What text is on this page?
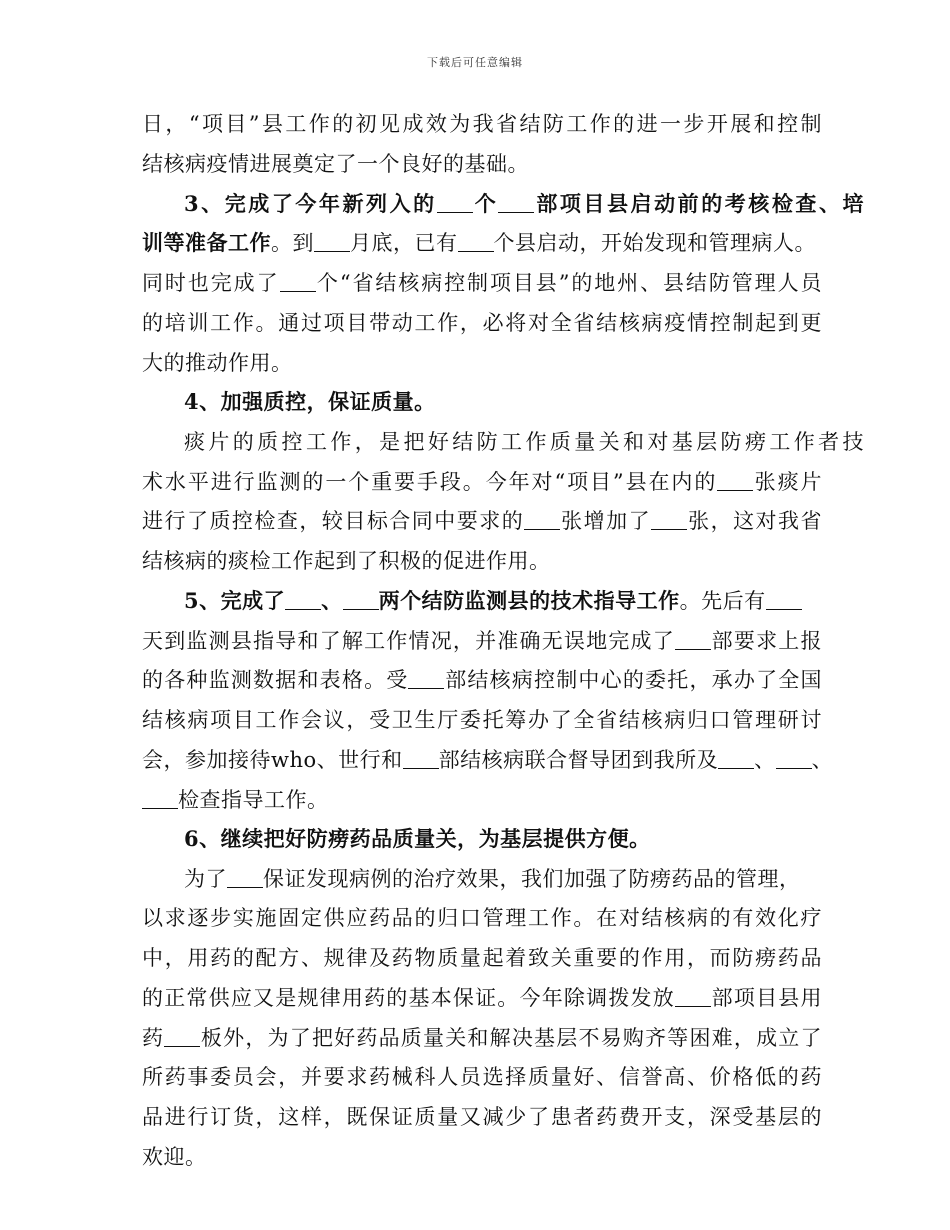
下载后可任意编辑
日，“项目”县工作的初见成效为我省结防工作的进一步开展和控制
结核病疫情进展奠定了一个良好的基础。
3、完成了今年新列入的 个 部项目县启动前的考核检查、培
训等准备工作。到 月底，已有 个县启动，开始发现和管理病人。
同时也完成了 个“省结核病控制项目县”的地州、县结防管理人员
的培训工作。通过项目带动工作，必将对全省结核病疫情控制起到更
大的推动作用。
4、加强质控，保证质量。
痰片的质控工作，是把好结防工作质量关和对基层防痨工作者技
术水平进行监测的一个重要手段。今年对“项目”县在内的 张痰片
进行了质控检查，较目标合同中要求的 张增加了 张，这对我省
结核病的痰检工作起到了积极的促进作用。
5、完成了 、 两个结防监测县的技术指导工作。先后有
天到监测县指导和了解工作情况，并准确无误地完成了 部要求上报
的各种监测数据和表格。受 部结核病控制中心的委托，承办了全国
结核病项目工作会议，受卫生厅委托筹办了全省结核病归口管理研讨
会，参加接待who、世行和 部结核病联合督导团到我所及 、 、
检查指导工作。
6、继续把好防痨药品质量关，为基层提供方便。
为了 保证发现病例的治疗效果，我们加强了防痨药品的管理，
以求逐步实施固定供应药品的归口管理工作。在对结核病的有效化疗
中，用药的配方、规律及药物质量起着致关重要的作用，而防痨药品
的正常供应又是规律用药的基本保证。今年除调拨发放 部项目县用
药 板外，为了把好药品质量关和解决基层不易购齐等困难，成立了
所药事委员会，并要求药械科人员选择质量好、信誉高、价格低的药
品进行订货，这样，既保证质量又减少了患者药费开支，深受基层的
欢迎。
